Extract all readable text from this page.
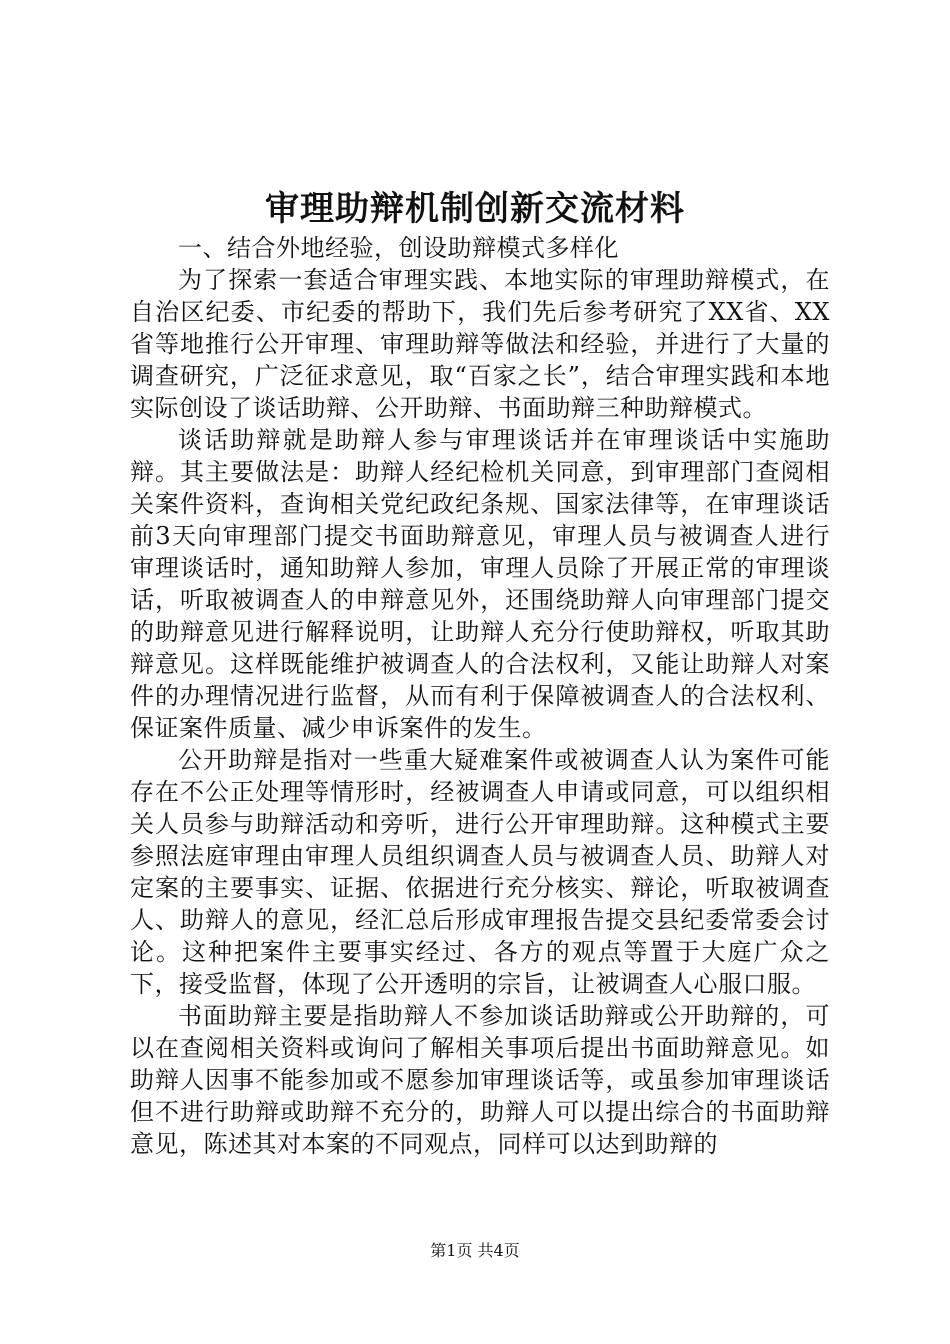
审理助辩机制创新交流材料

一、结合外地经验，创设助辩模式多样化

为了探索一套适合审理实践、本地实际的审理助辩模式，在自治区纪委、市纪委的帮助下，我们先后参考研究了XX省、XX省等地推行公开审理、审理助辩等做法和经验，并进行了大量的调查研究，广泛征求意见，取“百家之长”，结合审理实践和本地实际创设了谈话助辩、公开助辩、书面助辩三种助辩模式。

谈话助辩就是助辩人参与审理谈话并在审理谈话中实施助辩。其主要做法是：助辩人经纪检机关同意，到审理部门查阅相关案件资料，查询相关党纪政纪条规、国家法律等，在审理谈话前3天向审理部门提交书面助辩意见，审理人员与被调查人进行审理谈话时，通知助辩人参加，审理人员除了开展正常的审理谈话，听取被调查人的申辩意见外，还围绕助辩人向审理部门提交的助辩意见进行解释说明，让助辩人充分行使助辩权，听取其助辩意见。这样既能维护被调查人的合法权利，又能让助辩人对案件的办理情况进行监督，从而有利于保障被调查人的合法权利、保证案件质量、减少申诉案件的发生。

公开助辩是指对一些重大疑难案件或被调查人认为案件可能存在不公正处理等情形时，经被调查人申请或同意，可以组织相关人员参与助辩活动和旁听，进行公开审理助辩。这种模式主要参照法庭审理由审理人员组织调查人员与被调查人员、助辩人对定案的主要事实、证据、依据进行充分核实、辩论，听取被调查人、助辩人的意见，经汇总后形成审理报告提交县纪委常委会讨论。这种把案件主要事实经过、各方的观点等置于大庭广众之下，接受监督，体现了公开透明的宗旨，让被调查人心服口服。

书面助辩主要是指助辩人不参加谈话助辩或公开助辩的，可以在查阅相关资料或询问了解相关事项后提出书面助辩意见。如助辩人因事不能参加或不愿参加审理谈话等，或虽参加审理谈话但不进行助辩或助辩不充分的，助辩人可以提出综合的书面助辩意见，陈述其对本案的不同观点，同样可以达到助辩的

第1页 共4页
